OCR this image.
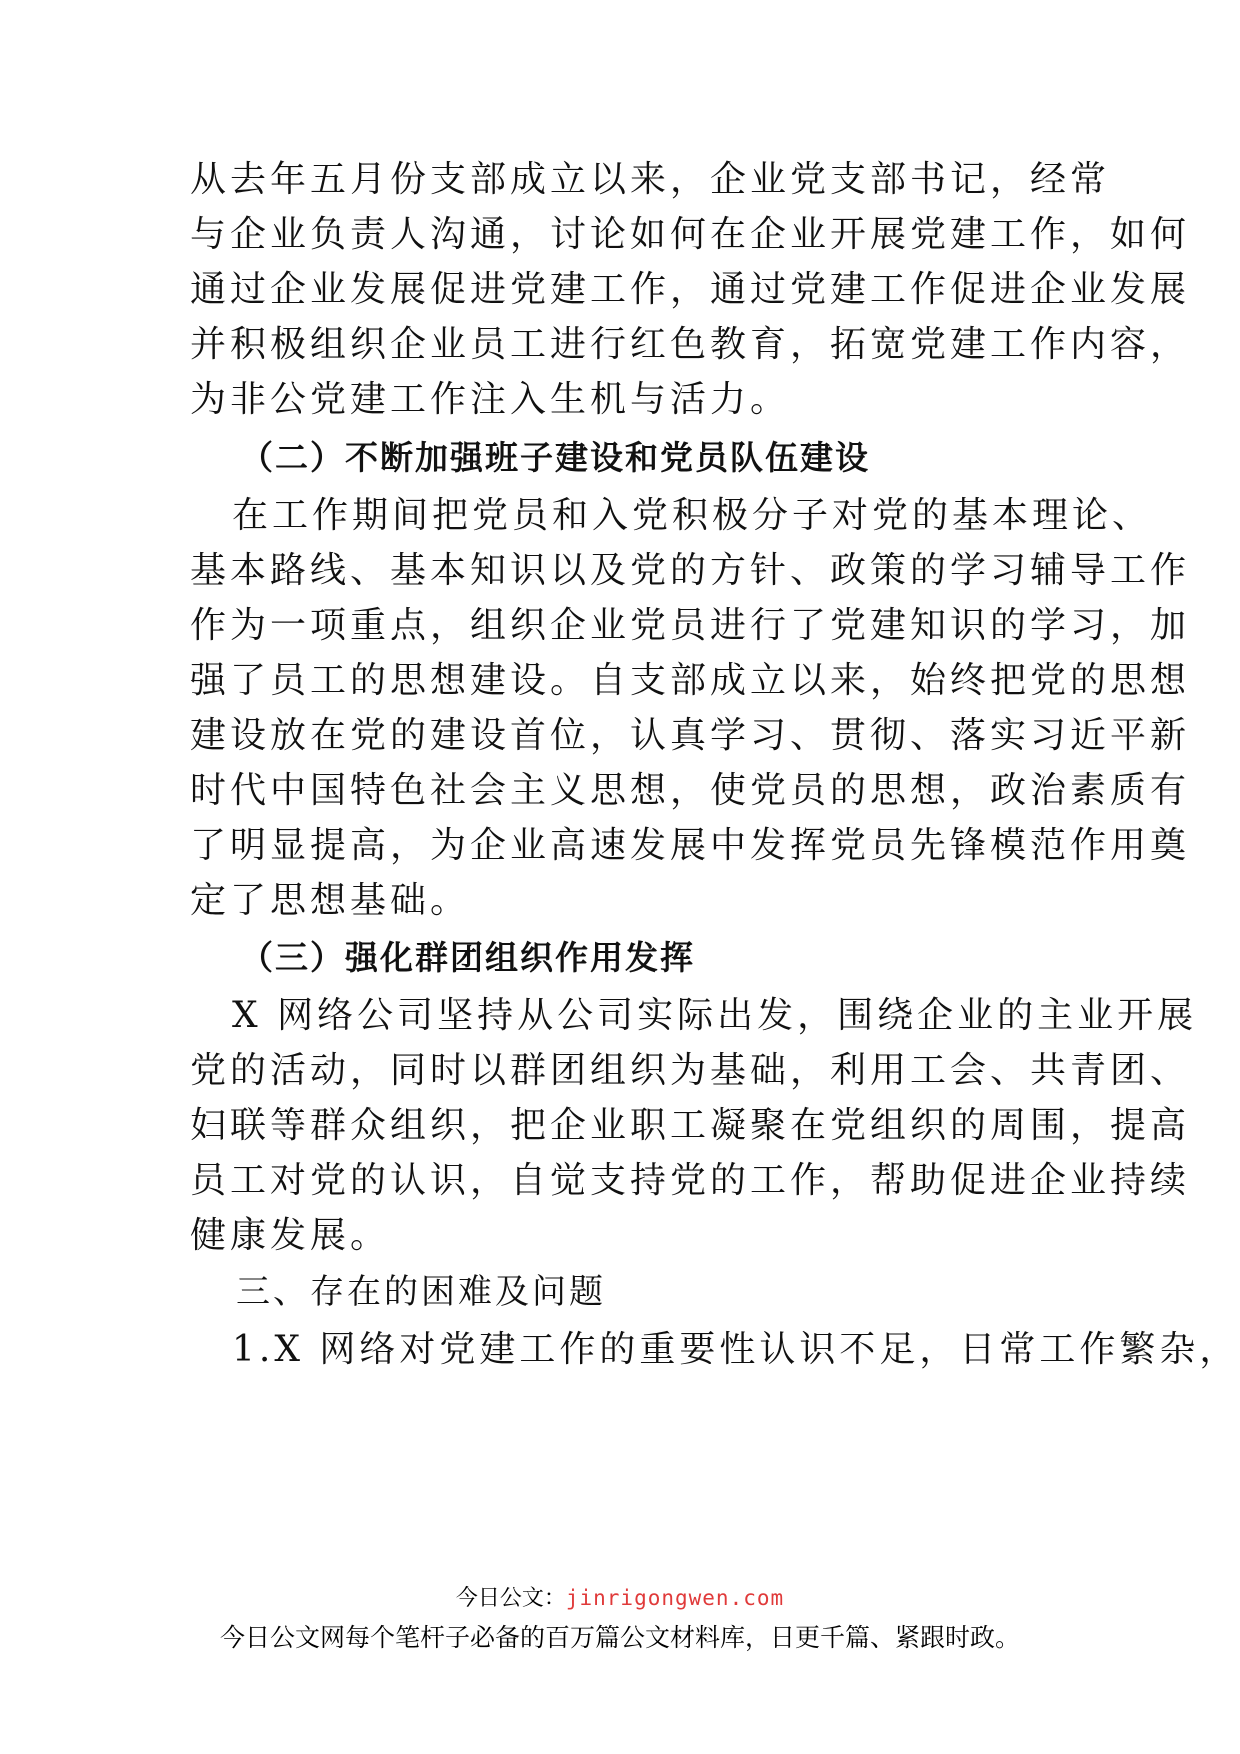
从去年五月份支部成立以来，企业党支部书记，经常
与企业负责人沟通，讨论如何在企业开展党建工作，如何
通过企业发展促进党建工作，通过党建工作促进企业发展
并积极组织企业员工进行红色教育，拓宽党建工作内容，
为非公党建工作注入生机与活力。
（二）不断加强班子建设和党员队伍建设
在工作期间把党员和入党积极分子对党的基本理论、
基本路线、基本知识以及党的方针、政策的学习辅导工作
作为一项重点，组织企业党员进行了党建知识的学习，加
强了员工的思想建设。自支部成立以来，始终把党的思想
建设放在党的建设首位，认真学习、贯彻、落实习近平新
时代中国特色社会主义思想，使党员的思想，政治素质有
了明显提高，为企业高速发展中发挥党员先锋模范作用奠
定了思想基础。
（三）强化群团组织作用发挥
X 网络公司坚持从公司实际出发，围绕企业的主业开展
党的活动，同时以群团组织为基础，利用工会、共青团、
妇联等群众组织，把企业职工凝聚在党组织的周围，提高
员工对党的认识，自觉支持党的工作，帮助促进企业持续
健康发展。
三、存在的困难及问题
1.X 网络对党建工作的重要性认识不足，日常工作繁杂，
今日公文：jinrigongwen.com
今日公文网每个笔杆子必备的百万篇公文材料库，日更千篇、紧跟时政。
